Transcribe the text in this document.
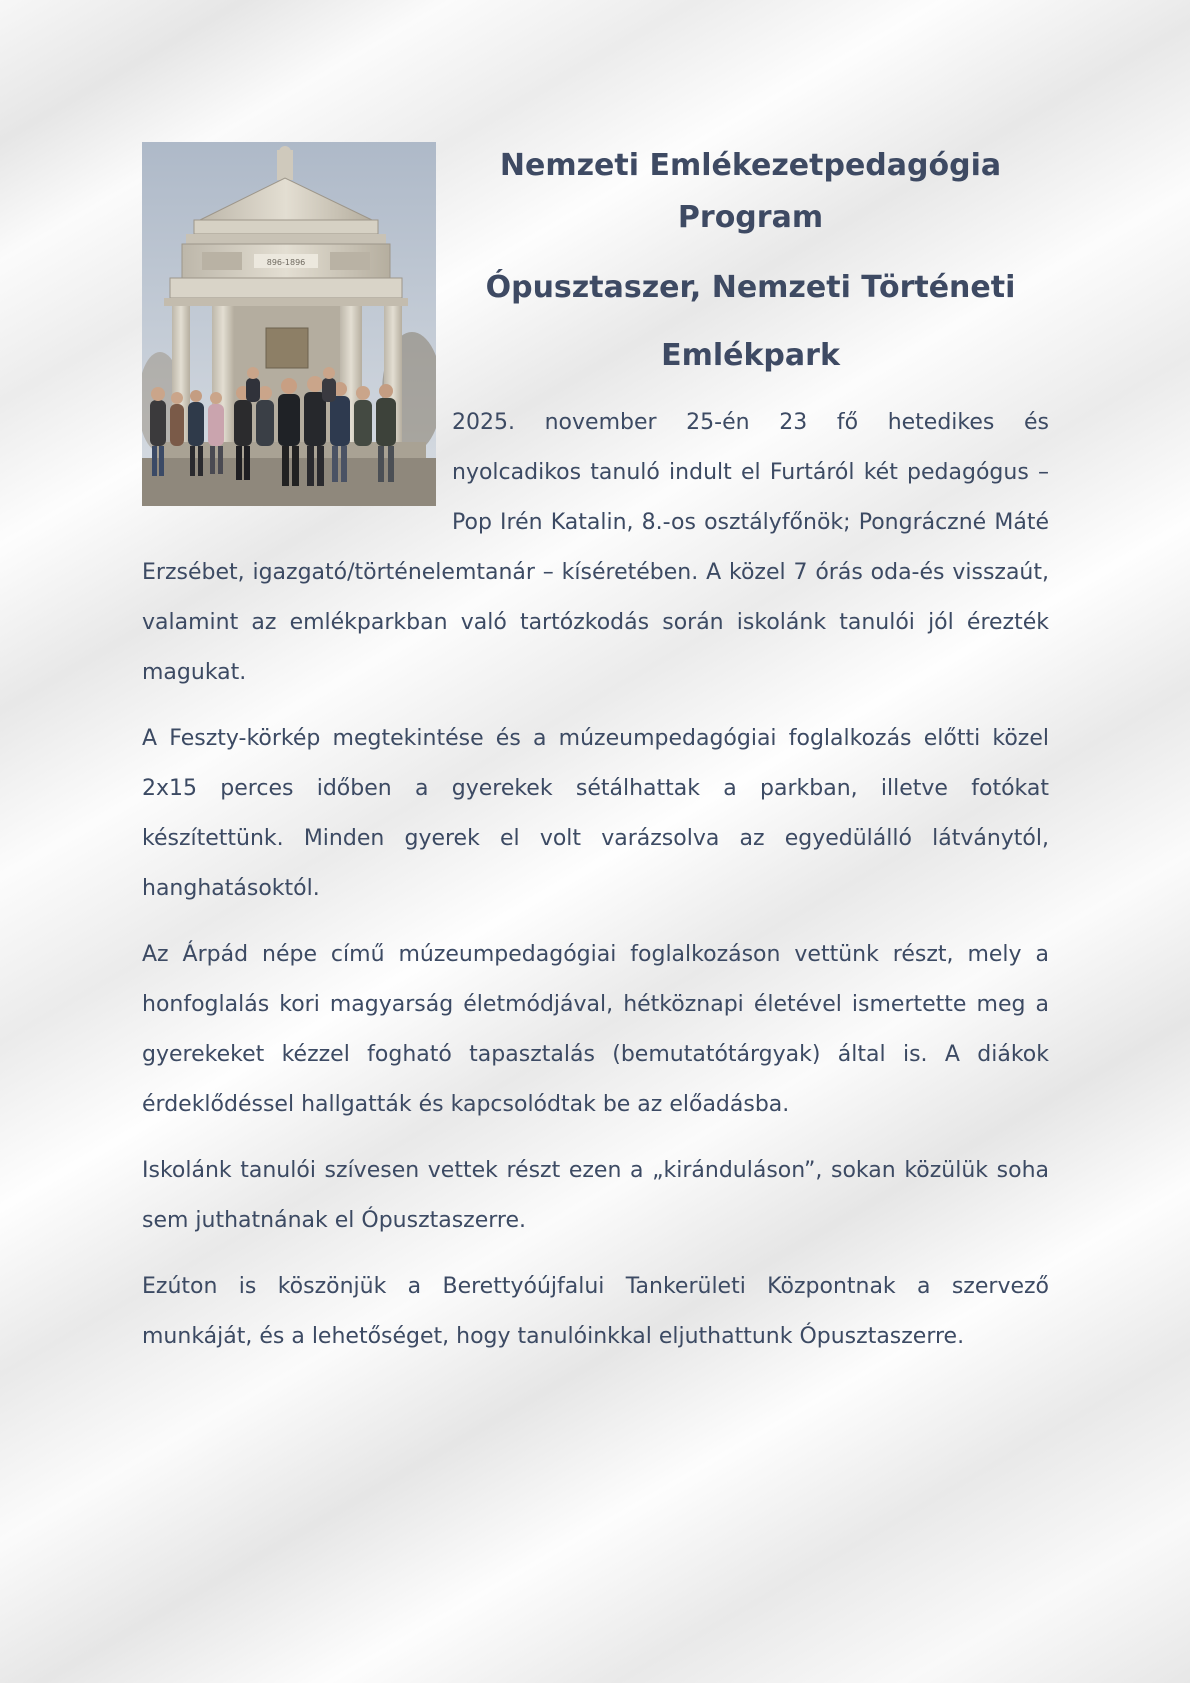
896-1896
Nemzeti Emlékezetpedagógia Program
Ópusztaszer, Nemzeti Történeti Emlékpark

2025. november 25-én 23 fő hetedikes és nyolcadikos tanuló indult el Furtáról két pedagógus – Pop Irén Katalin, 8.-os osztályfőnök; Pongráczné Máté Erzsébet, igazgató/történelemtanár – kíséretében. A közel 7 órás oda-és visszaút, valamint az emlékparkban való tartózkodás során iskolánk tanulói jól érezték magukat.

A Feszty-körkép megtekintése és a múzeumpedagógiai foglalkozás előtti közel 2x15 perces időben a gyerekek sétálhattak a parkban, illetve fotókat készítettünk. Minden gyerek el volt varázsolva az egyedülálló látványtól, hanghatásoktól.

Az Árpád népe című múzeumpedagógiai foglalkozáson vettünk részt, mely a honfoglalás kori magyarság életmódjával, hétköznapi életével ismertette meg a gyerekeket kézzel fogható tapasztalás (bemutatótárgyak) által is. A diákok érdeklődéssel hallgatták és kapcsolódtak be az előadásba.

Iskolánk tanulói szívesen vettek részt ezen a „kiránduláson”, sokan közülük soha sem juthatnának el Ópusztaszerre.

Ezúton is köszönjük a Berettyóújfalui Tankerületi Központnak a szervező munkáját, és a lehetőséget, hogy tanulóinkkal eljuthattunk Ópusztaszerre.
